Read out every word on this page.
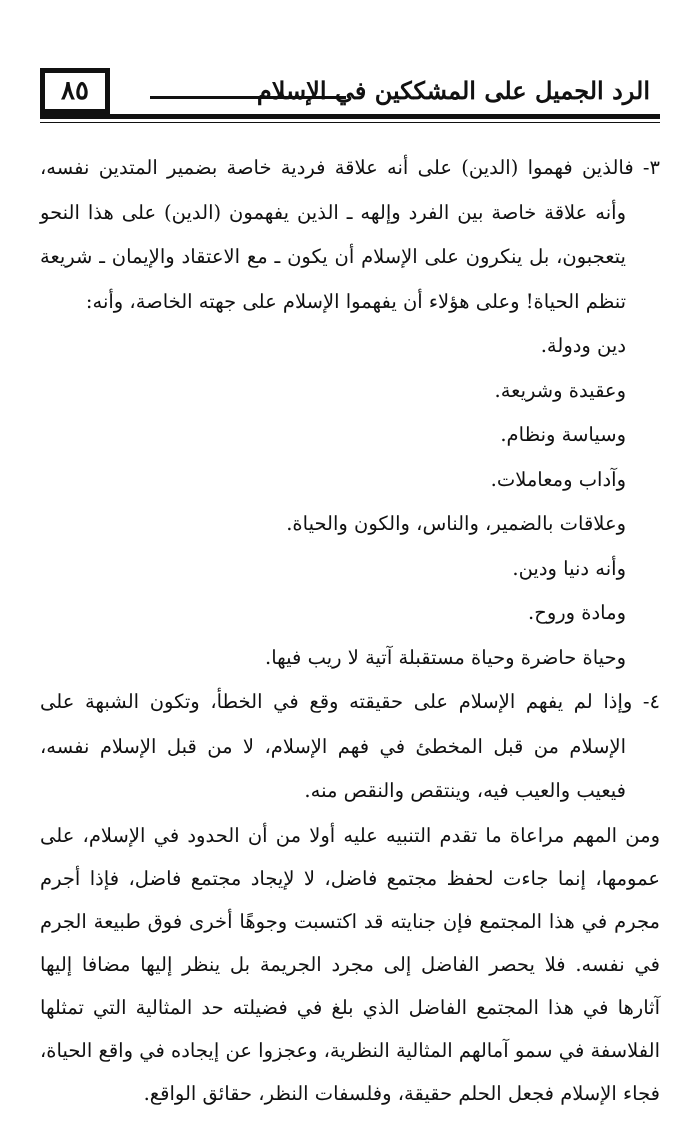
٨٥	الرد الجميل على المشككين في الإسلام

٣- فالذين فهموا (الدين) على أنه علاقة فردية خاصة بضمير المتدين نفسه، وأنه علاقة خاصة بين الفرد وإلهه ـ الذين يفهمون (الدين) على هذا النحو يتعجبون، بل ينكرون على الإسلام أن يكون ـ مع الاعتقاد والإيمان ـ شريعة تنظم الحياة! وعلى هؤلاء أن يفهموا الإسلام على جهته الخاصة، وأنه:

دين ودولة.

وعقيدة وشريعة.

وسياسة ونظام.

وآداب ومعاملات.

وعلاقات بالضمير، والناس، والكون والحياة.

وأنه دنيا ودين.

ومادة وروح.

وحياة حاضرة وحياة مستقبلة آتية لا ريب فيها.

٤- وإذا لم يفهم الإسلام على حقيقته وقع في الخطأ، وتكون الشبهة على الإسلام من قبل المخطئ في فهم الإسلام، لا من قبل الإسلام نفسه، فيعيب والعيب فيه، وينتقص والنقص منه.

ومن المهم مراعاة ما تقدم التنبيه عليه أولا من أن الحدود في الإسلام، على عمومها، إنما جاءت لحفظ مجتمع فاضل، لا لإيجاد مجتمع فاضل، فإذا أجرم مجرم في هذا المجتمع فإن جنايته قد اكتسبت وجوهًا أخرى فوق طبيعة الجرم في نفسه. فلا يحصر الفاضل إلى مجرد الجريمة بل ينظر إليها مضافا إليها آثارها في هذا المجتمع الفاضل الذي بلغ في فضيلته حد المثالية التي تمثلها الفلاسفة في سمو آمالهم المثالية النظرية، وعجزوا عن إيجاده في واقع الحياة، فجاء الإسلام فجعل الحلم حقيقة، وفلسفات النظر، حقائق الواقع.
